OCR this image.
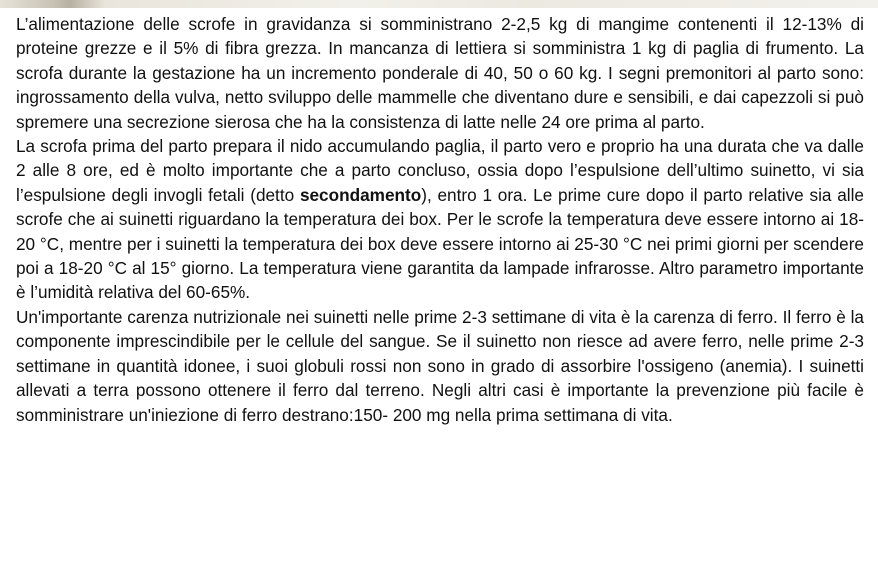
L’alimentazione delle scrofe in gravidanza si somministrano 2-2,5 kg di mangime contenenti il 12-13% di proteine grezze e il 5% di fibra grezza. In mancanza di lettiera si somministra 1 kg di paglia di frumento. La scrofa durante la gestazione ha un incremento ponderale di 40, 50 o 60 kg. I segni premonitori al parto sono: ingrossamento della vulva, netto sviluppo delle mammelle che diventano dure e sensibili, e dai capezzoli si può spremere una secrezione sierosa che ha la consistenza di latte nelle 24 ore prima al parto.

La scrofa prima del parto prepara il nido accumulando paglia, il parto vero e proprio ha una durata che va dalle 2 alle 8 ore, ed è molto importante che a parto concluso, ossia dopo l’espulsione dell’ultimo suinetto, vi sia l’espulsione degli invogli fetali (detto secondamento), entro 1 ora. Le prime cure dopo il parto relative sia alle scrofe che ai suinetti riguardano la temperatura dei box. Per le scrofe la temperatura deve essere intorno ai 18-20 °C, mentre per i suinetti la temperatura dei box deve essere intorno ai 25-30 °C nei primi giorni per scendere poi a 18-20 °C al 15° giorno. La temperatura viene garantita da lampade infrarosse. Altro parametro importante è l’umidità relativa del 60-65%.

Un'importante carenza nutrizionale nei suinetti nelle prime 2-3 settimane di vita è la carenza di ferro. Il ferro è la componente imprescindibile per le cellule del sangue. Se il suinetto non riesce ad avere ferro, nelle prime 2-3 settimane in quantità idonee, i suoi globuli rossi non sono in grado di assorbire l'ossigeno (anemia). I suinetti allevati a terra possono ottenere il ferro dal terreno. Negli altri casi è importante la prevenzione più facile è somministrare un'iniezione di ferro destrano:150- 200 mg nella prima settimana di vita.
